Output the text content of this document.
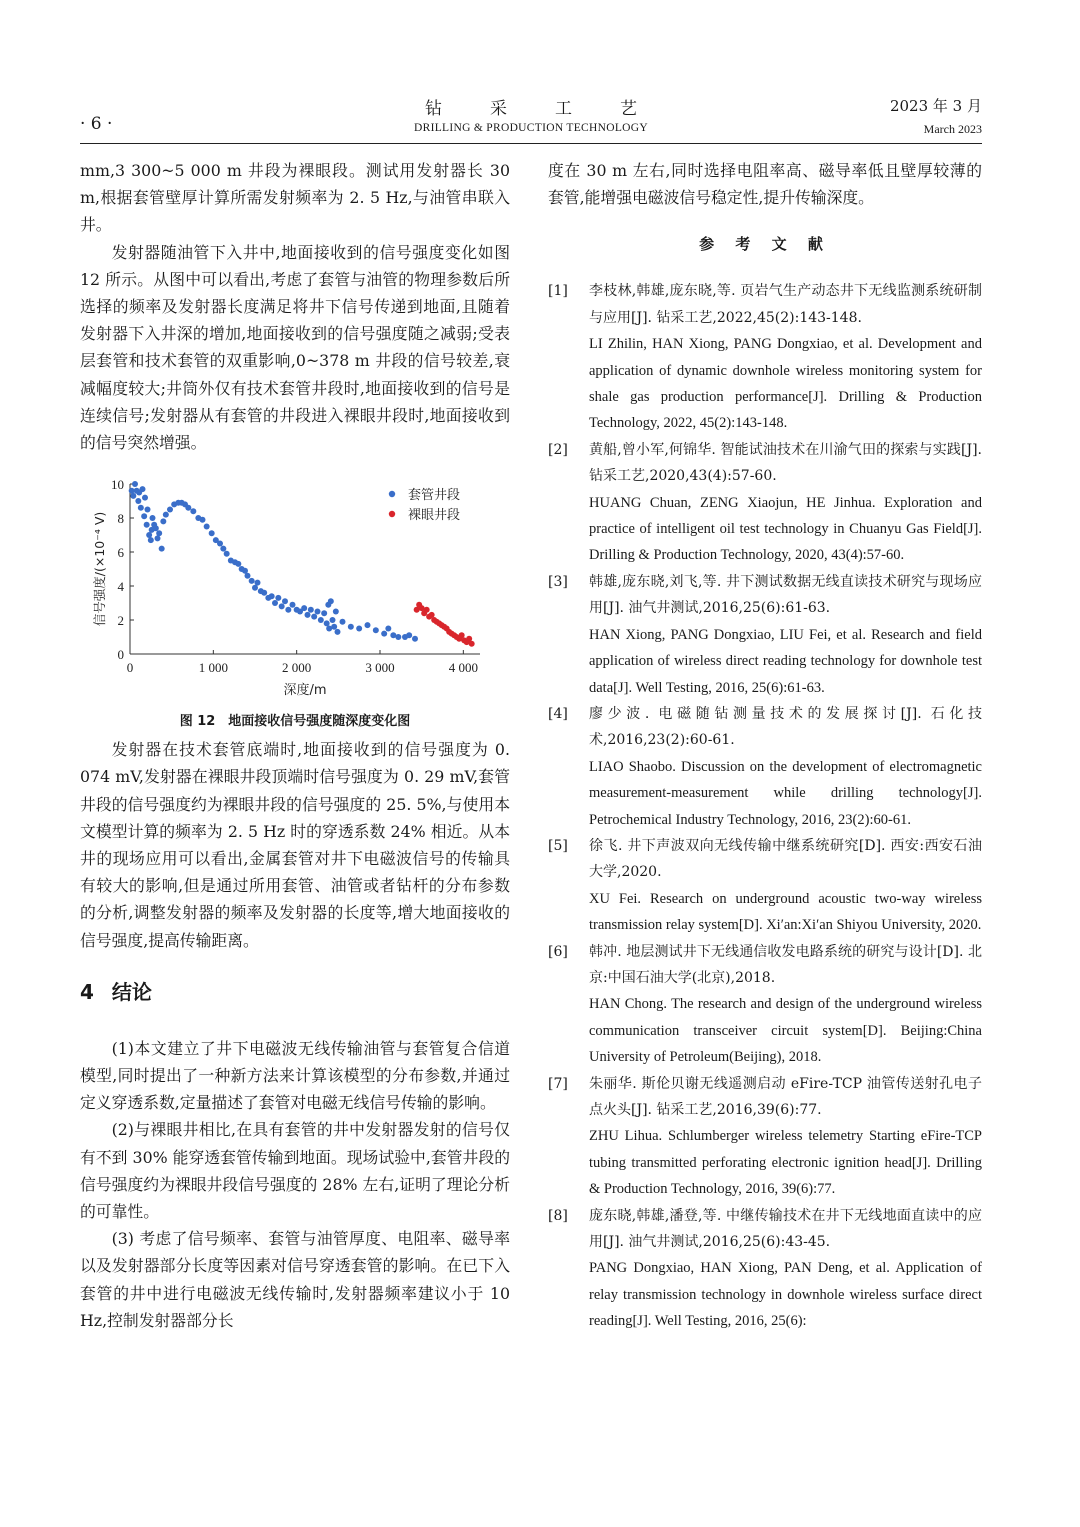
· 6 ·
钻采工艺
DRILLING & PRODUCTION TECHNOLOGY
2023 年 3 月
March 2023

mm,3 300~5 000 m 井段为裸眼段。测试用发射器长 30 m,根据套管壁厚计算所需发射频率为 2. 5 Hz,与油管串联入井。

发射器随油管下入井中,地面接收到的信号强度变化如图 12 所示。从图中可以看出,考虑了套管与油管的物理参数后所选择的频率及发射器长度满足将井下信号传递到地面,且随着发射器下入井深的增加,地面接收到的信号强度随之减弱;受表层套管和技术套管的双重影响,0~378 m 井段的信号较差,衰减幅度较大;井筒外仅有技术套管井段时,地面接收到的信号是连续信号;发射器从有套管的井段进入裸眼井段时,地面接收到的信号突然增强。

0	1 000	2 000	3 000	4 000
0
2
4
6
8
10
深度/m
信号强度/(×10⁻⁴ V)
套管井段
裸眼井段
图 12　地面接收信号强度随深度变化图

发射器在技术套管底端时,地面接收到的信号强度为 0. 074 mV,发射器在裸眼井段顶端时信号强度为 0. 29 mV,套管井段的信号强度约为裸眼井段的信号强度的 25. 5%,与使用本文模型计算的频率为 2. 5 Hz 时的穿透系数 24% 相近。从本井的现场应用可以看出,金属套管对井下电磁波信号的传输具有较大的影响,但是通过所用套管、油管或者钻杆的分布参数的分析,调整发射器的频率及发射器的长度等,增大地面接收的信号强度,提高传输距离。

4 结论

(1)本文建立了井下电磁波无线传输油管与套管复合信道模型,同时提出了一种新方法来计算该模型的分布参数,并通过定义穿透系数,定量描述了套管对电磁无线信号传输的影响。

(2)与裸眼井相比,在具有套管的井中发射器发射的信号仅有不到 30% 能穿透套管传输到地面。现场试验中,套管井段的信号强度约为裸眼井段信号强度的 28% 左右,证明了理论分析的可靠性。

(3) 考虑了信号频率、套管与油管厚度、电阻率、磁导率以及发射器部分长度等因素对信号穿透套管的影响。在已下入套管的井中进行电磁波无线传输时,发射器频率建议小于 10 Hz,控制发射器部分长

度在 30 m 左右,同时选择电阻率高、磁导率低且壁厚较薄的套管,能增强电磁波信号稳定性,提升传输深度。

参 考 文 献
[1] 李枝林,韩雄,庞东晓,等. 页岩气生产动态井下无线监测系统研制与应用[J]. 钻采工艺,2022,45(2):143-148.
LI Zhilin, HAN Xiong, PANG Dongxiao, et al. Development and application of dynamic downhole wireless monitoring system for shale gas production performance[J]. Drilling & Production Technology, 2022, 45(2):143-148.
[2] 黄船,曾小军,何锦华. 智能试油技术在川渝气田的探索与实践[J]. 钻采工艺,2020,43(4):57-60.
HUANG Chuan, ZENG Xiaojun, HE Jinhua. Exploration and practice of intelligent oil test technology in Chuanyu Gas Field[J]. Drilling & Production Technology, 2020, 43(4):57-60.
[3] 韩雄,庞东晓,刘飞,等. 井下测试数据无线直读技术研究与现场应用[J]. 油气井测试,2016,25(6):61-63.
HAN Xiong, PANG Dongxiao, LIU Fei, et al. Research and field application of wireless direct reading technology for downhole test data[J]. Well Testing, 2016, 25(6):61-63.
[4] 廖少波. 电磁随钻测量技术的发展探讨[J]. 石化技术,2016,23(2):60-61.
LIAO Shaobo. Discussion on the development of electromagnetic measurement-measurement while drilling technology[J]. Petrochemical Industry Technology, 2016, 23(2):60-61.
[5] 徐飞. 井下声波双向无线传输中继系统研究[D]. 西安:西安石油大学,2020.
XU Fei. Research on underground acoustic two-way wireless transmission relay system[D]. Xi′an:Xi′an Shiyou University, 2020.
[6] 韩冲. 地层测试井下无线通信收发电路系统的研究与设计[D]. 北京:中国石油大学(北京),2018.
HAN Chong. The research and design of the underground wireless communication transceiver circuit system[D]. Beijing:China University of Petroleum(Beijing), 2018.
[7] 朱丽华. 斯伦贝谢无线遥测启动 eFire-TCP 油管传送射孔电子点火头[J]. 钻采工艺,2016,39(6):77.
ZHU Lihua. Schlumberger wireless telemetry Starting eFire-TCP tubing transmitted perforating electronic ignition head[J]. Drilling & Production Technology, 2016, 39(6):77.
[8] 庞东晓,韩雄,潘登,等. 中继传输技术在井下无线地面直读中的应用[J]. 油气井测试,2016,25(6):43-45.
PANG Dongxiao, HAN Xiong, PAN Deng, et al. Application of relay transmission technology in downhole wireless surface direct reading[J]. Well Testing, 2016, 25(6):
